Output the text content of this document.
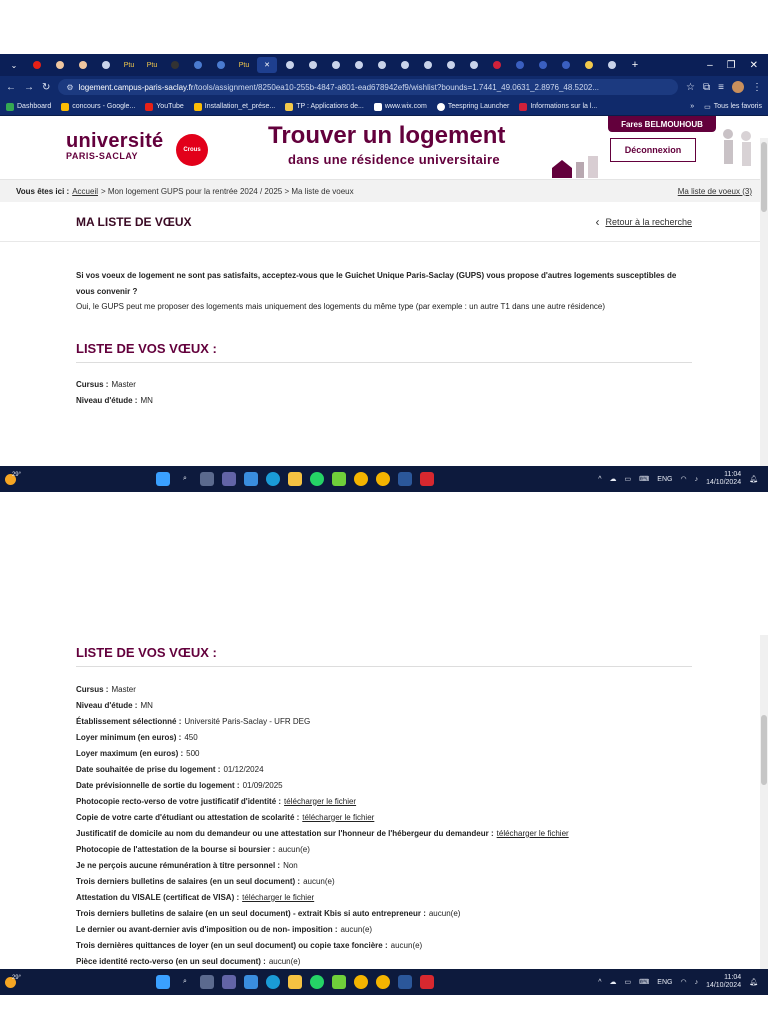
⌄	Ptu	Ptu	Ptu	✕	+	– ❐ ✕
← → ↻ ⚙ logement.campus-paris-saclay.fr /tools/assignment/8250ea10-255b-4847-a801-ead678942ef9/wishlist?bounds=1.7441_49.0631_2.8976_48.5202...	☆ ⧉ ≡	⋮
Dashboard	concours - Google...	YouTube	Installation_et_prése...	TP : Applications de...	www.wix.com	Teespring Launcher	Informations sur la l...	» ▭ Tous les favoris
université
PARIS-SACLAY
Crous
Trouver un logement
dans une résidence universitaire
Fares BELMOUHOUB
Déconnexion
Vous êtes ici : Accueil > Mon logement GUPS pour la rentrée 2024 / 2025 > Ma liste de voeux	Ma liste de voeux (3)
MA LISTE DE VŒUX	‹ Retour à la recherche
Si vos voeux de logement ne sont pas satisfaits, acceptez-vous que le Guichet Unique Paris-Saclay (GUPS) vous propose d'autres logements susceptibles de vous convenir ?
Oui, le GUPS peut me proposer des logements mais uniquement des logements du même type (par exemple : un autre T1 dans une autre résidence)
LISTE DE VOS VŒUX :
Cursus : Master
Niveau d'étude : MN
29°	⌕	^ ☁ ▭ ⌨ ENG ◠ ♪
11:04
14/10/2024 🔔︎
LISTE DE VOS VŒUX :
Cursus : Master
Niveau d'étude : MN
Établissement sélectionné : Université Paris-Saclay - UFR DEG
Loyer minimum (en euros) : 450
Loyer maximum (en euros) : 500
Date souhaitée de prise du logement : 01/12/2024
Date prévisionnelle de sortie du logement : 01/09/2025
Photocopie recto-verso de votre justificatif d'identité : télécharger le fichier
Copie de votre carte d'étudiant ou attestation de scolarité : télécharger le fichier
Justificatif de domicile au nom du demandeur ou une attestation sur l'honneur de l'hébergeur du demandeur : télécharger le fichier
Photocopie de l'attestation de la bourse si boursier : aucun(e)
Je ne perçois aucune rémunération à titre personnel : Non
Trois derniers bulletins de salaires (en un seul document) : aucun(e)
Attestation du VISALE (certificat de VISA) : télécharger le fichier
Trois derniers bulletins de salaire (en un seul document) - extrait Kbis si auto entrepreneur : aucun(e)
Le dernier ou avant-dernier avis d'imposition ou de non- imposition : aucun(e)
Trois dernières quittances de loyer (en un seul document) ou copie taxe foncière : aucun(e)
Pièce identité recto-verso (en un seul document) : aucun(e)
29°	⌕	^ ☁ ▭ ⌨ ENG ◠ ♪
11:04
14/10/2024 🔔︎
